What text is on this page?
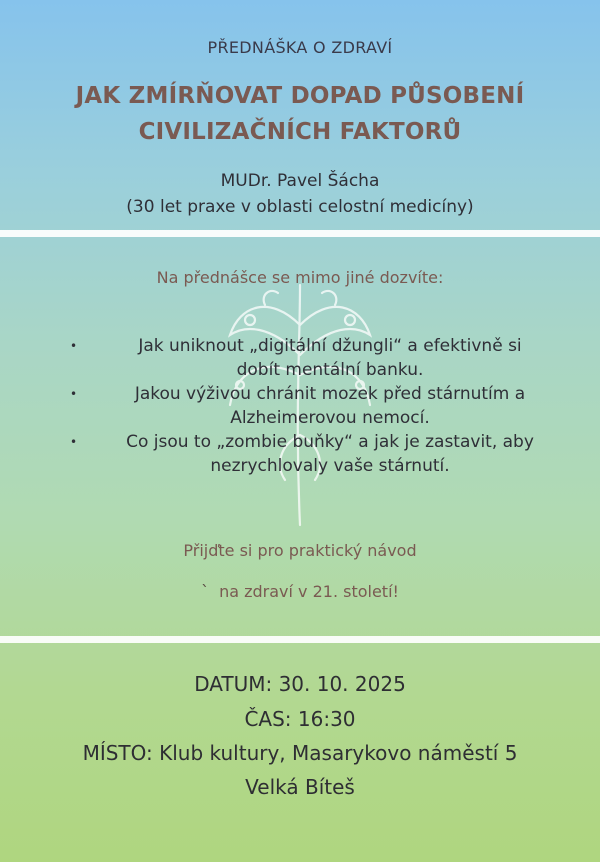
PŘEDNÁŠKA O ZDRAVÍ
JAK ZMÍRŇOVAT DOPAD PŮSOBENÍ
CIVILIZAČNÍCH FAKTORŮ
MUDr. Pavel Šácha
(30 let praxe v oblasti celostní medicíny)
Na přednášce se mimo jiné dozvíte:
•	Jak uniknout „digitální džungli“ a efektivně si
dobít mentální banku.
•	Jakou výživou chránit mozek před stárnutím a
Alzheimerovou nemocí.
•	Co jsou to „zombie buňky“ a jak je zastavit, aby
nezrychlovaly vaše stárnutí.
Přijďte si pro praktický návod
` na zdraví v 21. století!
DATUM: 30. 10. 2025
ČAS: 16:30
MÍSTO: Klub kultury, Masarykovo náměstí 5
Velká Bíteš
